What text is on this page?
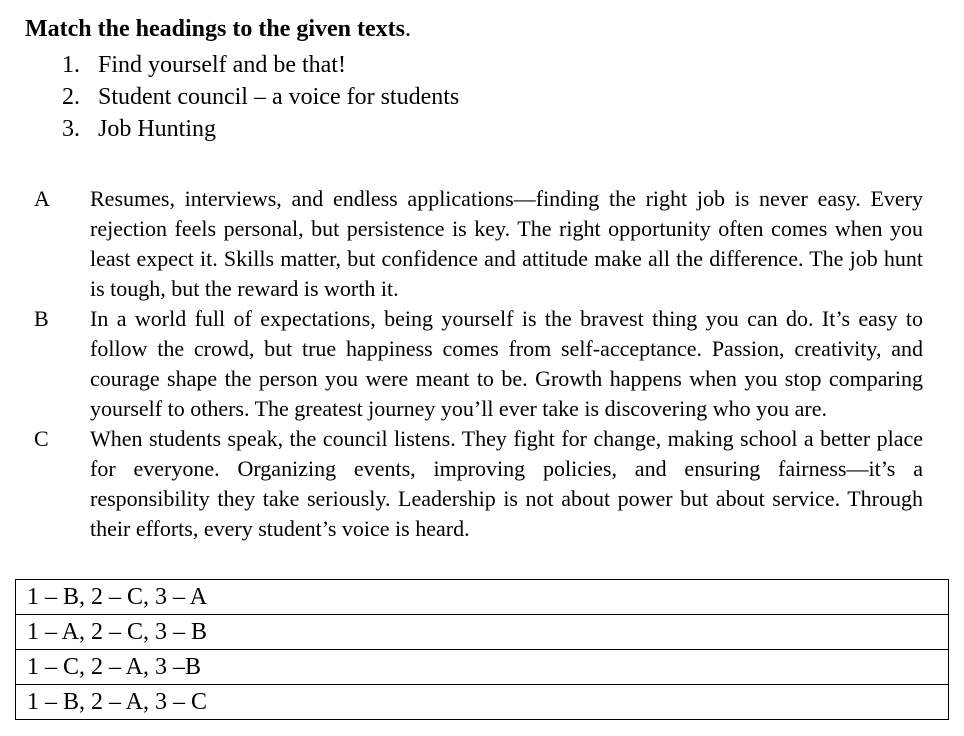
Match the headings to the given texts.
1. Find yourself and be that!
2. Student council – a voice for students
3. Job Hunting
A	Resumes, interviews, and endless applications—finding the right job is never easy. Every rejection feels personal, but persistence is key. The right opportunity often comes when you least expect it. Skills matter, but confidence and attitude make all the difference. The job hunt is tough, but the reward is worth it.
B	In a world full of expectations, being yourself is the bravest thing you can do. It’s easy to follow the crowd, but true happiness comes from self-acceptance. Passion, creativity, and courage shape the person you were meant to be. Growth happens when you stop comparing yourself to others. The greatest journey you’ll ever take is discovering who you are.
C	When students speak, the council listens. They fight for change, making school a better place for everyone. Organizing events, improving policies, and ensuring fairness—it’s a responsibility they take seriously. Leadership is not about power but about service. Through their efforts, every student’s voice is heard.
1 – B, 2 – C, 3 – A
1 – A, 2 – C, 3 – B
1 – C, 2 – A, 3 –B
1 – B, 2 – A, 3 – C
